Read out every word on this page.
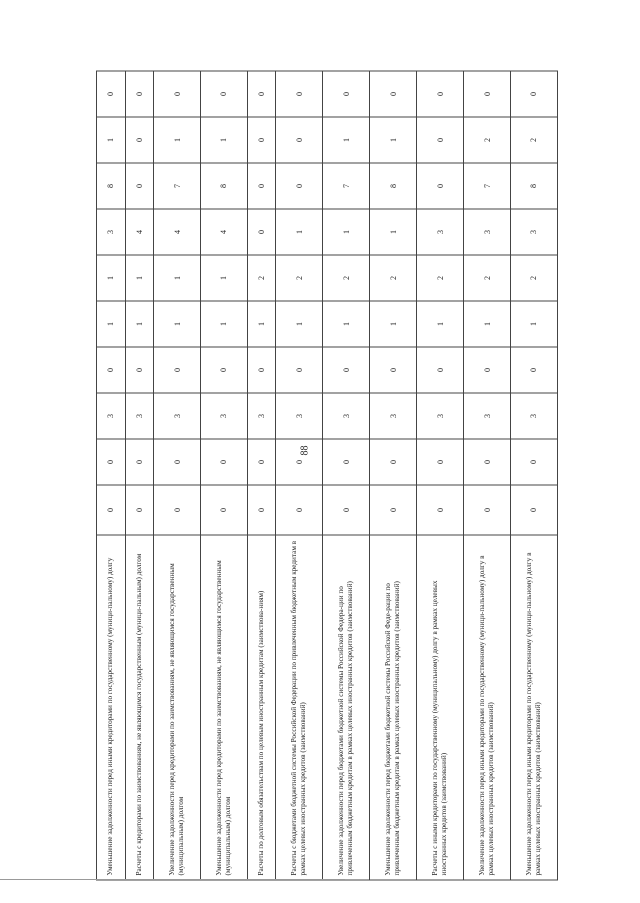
88
Уменьшение задолженности перед иными кредиторами по государственному (муници-пальному) долгу	0	0	3	0	1	1	3	8	1	0
Расчеты с кредиторами по заимствованиям, не являющимся государственным (муници-пальным) долгом	0	0	3	0	1	1	4	0	0	0
Увеличение задолженности перед кредиторами по заимствованиям, не являющимся государственным (муниципальным) долгом	0	0	3	0	1	1	4	7	1	0
Уменьшение задолженности перед кредиторами по заимствованиям, не являющимся государственным (муниципальным) долгом	0	0	3	0	1	1	4	8	1	0
Расчеты по долговым обязательствам по целевым иностранным кредитам (заимствова-ниям)	0	0	3	0	1	2	0	0	0	0
Расчеты с бюджетами бюджетной системы Российской Федерации по привлеченным бюджетным кредитам в рамках целевых иностранных кредитов (заимствований)	0	0	3	0	1	2	1	0	0	0
Увеличение задолженности перед бюджетами бюджетной системы Российской Федера-ции по привлеченным бюджетным кредитам в рамках целевых иностранных кредитов (заимствований)	0	0	3	0	1	2	1	7	1	0
Уменьшение задолженности перед бюджетами бюджетной системы Российской Феде-рации по привлеченным бюджетным кредитам в рамках целевых иностранных кредитов (заимствований)	0	0	3	0	1	2	1	8	1	0
Расчеты с иными кредиторами по государственному (муниципальному) долгу в рамках целевых иностранных кредитов (заимствований)	0	0	3	0	1	2	3	0	0	0
Увеличение задолженности перед иными кредиторами по государственному (муници-пальному) долгу в рамках целевых иностранных кредитов (заимствований)	0	0	3	0	1	2	3	7	2	0
Уменьшение задолженности перед иными кредиторами по государственному (муници-пальному) долгу в рамках целевых иностранных кредитов (заимствований)	0	0	3	0	1	2	3	8	2	0
